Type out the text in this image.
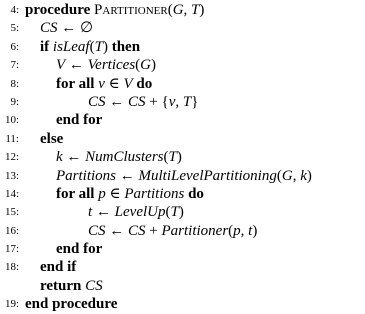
4: procedure Partitioner(G, T)
5: CS ← ∅
6: if isLeaf(T) then
7: V ← Vertices(G)
8: for all v ∈ V do
9:	CS ← CS + {v, T}
10: end for
11: else
12: k ← NumClusters(T)
13: Partitions ← MultiLevelPartitioning(G, k)
14: for all p ∈ Partitions do
15:	t ← LevelUp(T)
16:	CS ← CS + Partitioner(p, t)
17: end for
18: end if
return CS
19: end procedure
